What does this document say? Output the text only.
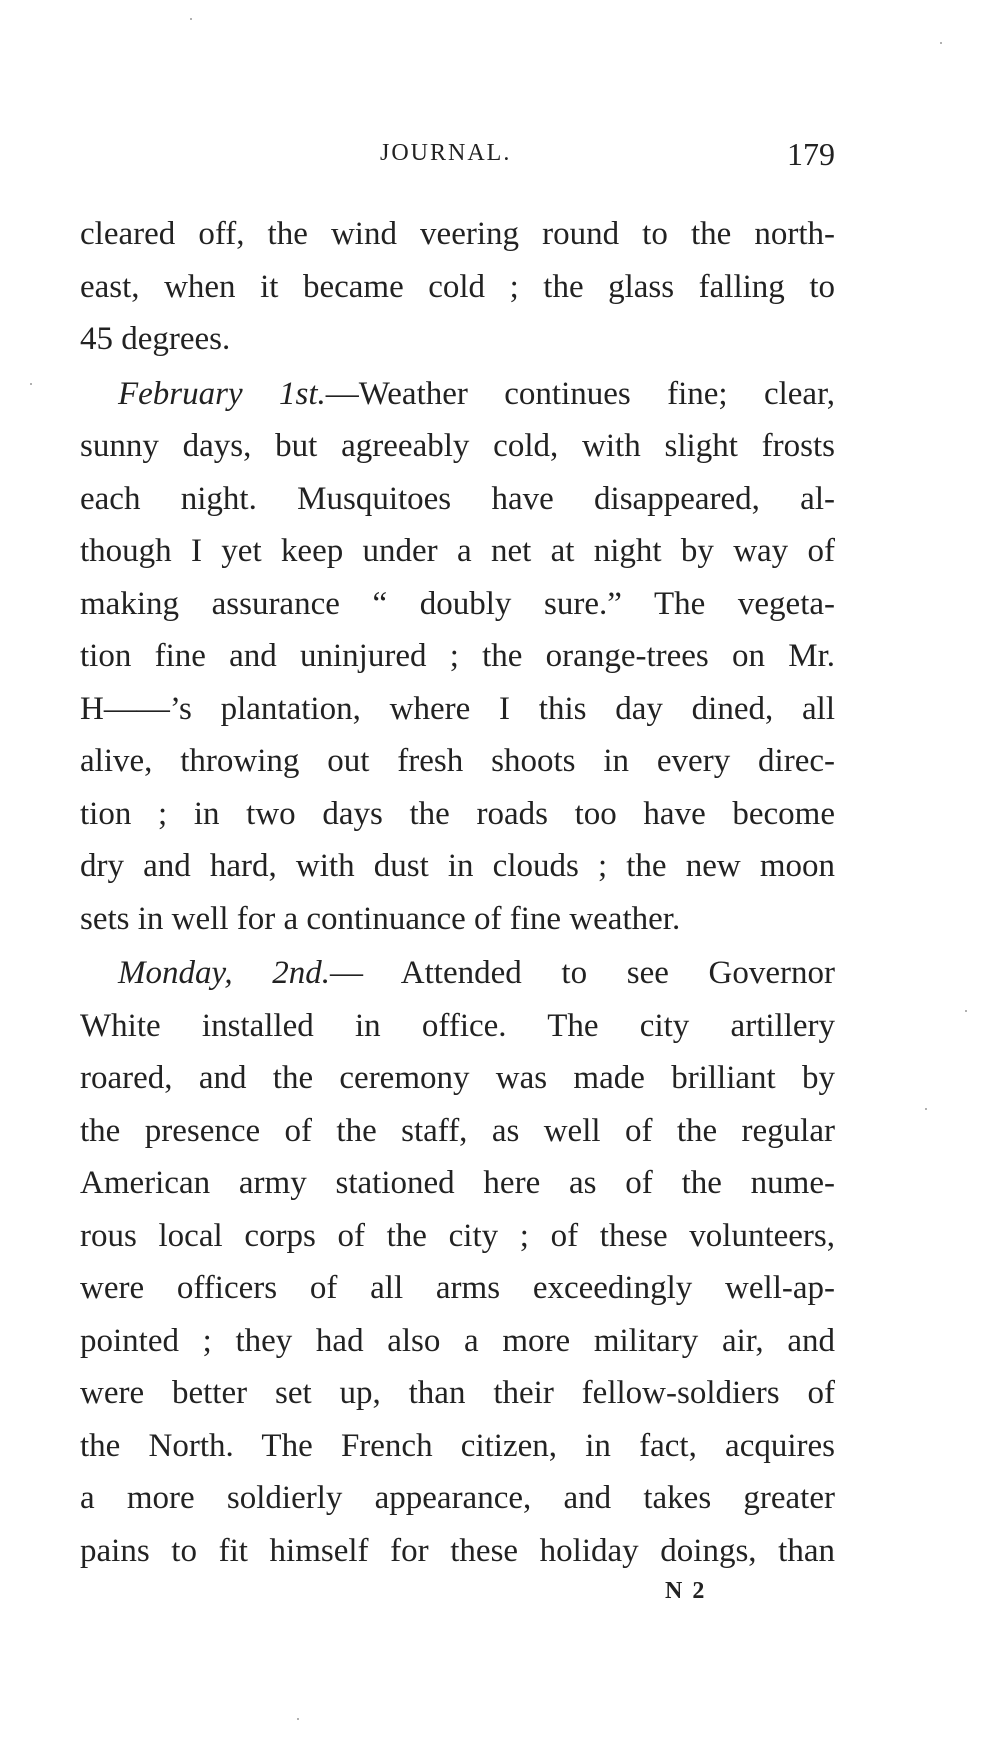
JOURNAL.	179
cleared off, the wind veering round to the north-
east, when it became cold ; the glass falling to
45 degrees.
February 1st.—Weather continues fine; clear,
sunny days, but agreeably cold, with slight frosts
each night. Musquitoes have disappeared, al-
though I yet keep under a net at night by way of
making assurance “ doubly sure.” The vegeta-
tion fine and uninjured ; the orange-trees on Mr.
H——’s plantation, where I this day dined, all
alive, throwing out fresh shoots in every direc-
tion ; in two days the roads too have become
dry and hard, with dust in clouds ; the new moon
sets in well for a continuance of fine weather.
Monday, 2nd.— Attended to see Governor
White installed in office. The city artillery
roared, and the ceremony was made brilliant by
the presence of the staff, as well of the regular
American army stationed here as of the nume-
rous local corps of the city ; of these volunteers,
were officers of all arms exceedingly well-ap-
pointed ; they had also a more military air, and
were better set up, than their fellow-soldiers of
the North. The French citizen, in fact, acquires
a more soldierly appearance, and takes greater
pains to fit himself for these holiday doings, than
N 2
